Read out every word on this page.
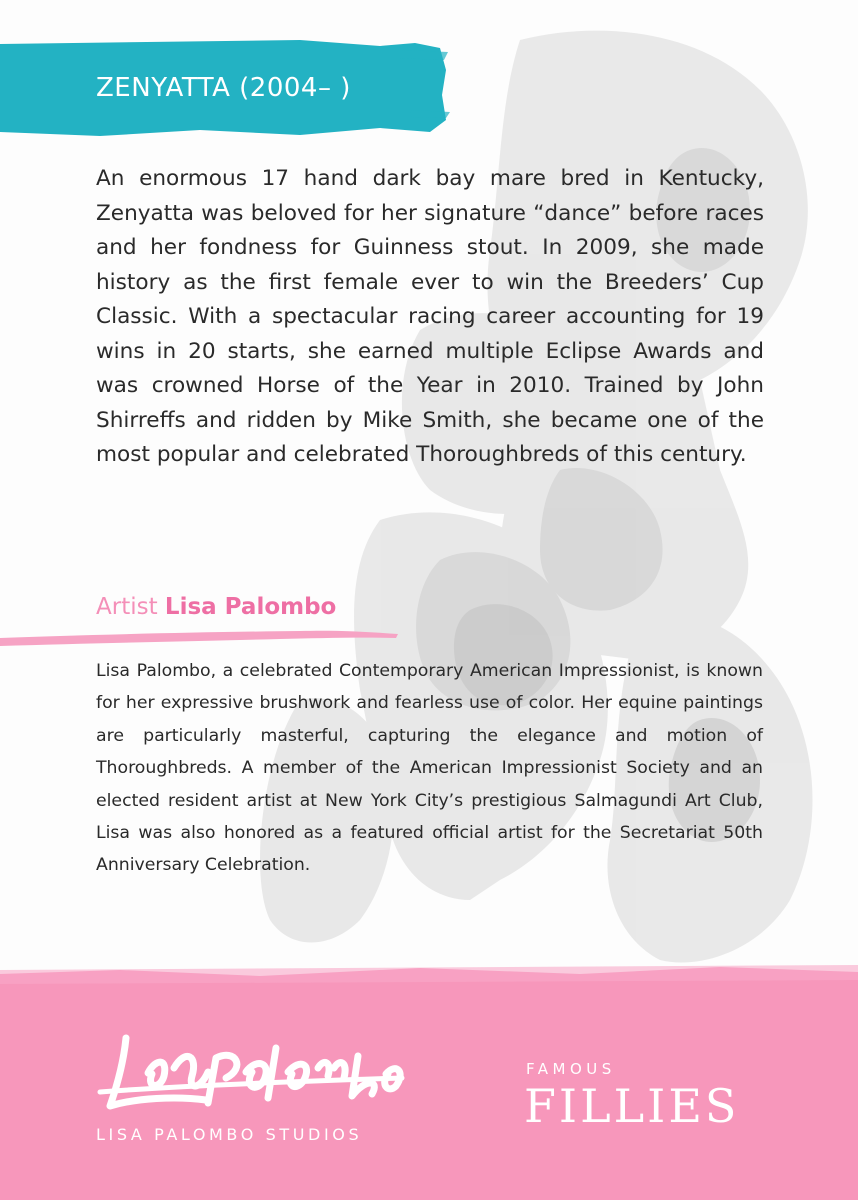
ZENYATTA (2004– )

An enormous 17 hand dark bay mare bred in Kentucky, Zenyatta was beloved for her signature “dance” before races and her fondness for Guinness stout. In 2009, she made history as the first female ever to win the Breeders’ Cup Classic. With a spectacular racing career accounting for 19 wins in 20 starts, she earned multiple Eclipse Awards and was crowned Horse of the Year in 2010. Trained by John Shirreffs and ridden by Mike Smith, she became one of the most popular and celebrated Thoroughbreds of this century.

Artist Lisa Palombo

Lisa Palombo, a celebrated Contemporary American Impressionist, is known for her expressive brushwork and fearless use of color. Her equine paintings are particularly masterful, capturing the elegance and motion of Thoroughbreds. A member of the American Impressionist Society and an elected resident artist at New York City’s prestigious Salmagundi Art Club, Lisa was also honored as a featured official artist for the Secretariat 50th Anniversary Celebration.

LISA PALOMBO STUDIOS
FAMOUS
FILLIES
